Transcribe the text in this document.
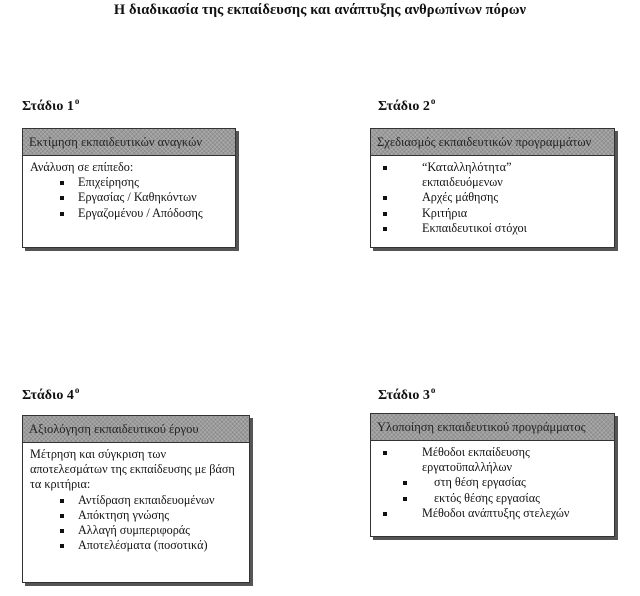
Η διαδικασία της εκπαίδευσης και ανάπτυξης ανθρωπίνων πόρων
Στάδιο $1^o$
Εκτίμηση εκπαιδευτικών αναγκών
Ανάλυση σε επίπεδο:
Επιχείρησης
Εργασίας / Καθηκόντων
Εργαζομένου / Απόδοσης
Στάδιο $2^o$
Σχεδιασμός εκπαιδευτικών προγραμμάτων
“Καταλληλότητα”
εκπαιδευόμενων
Αρχές μάθησης
Κριτήρια
Εκπαιδευτικοί στόχοι
Στάδιο $4^o$
Αξιολόγηση εκπαιδευτικού έργου
Μέτρηση και σύγκριση των αποτελεσμάτων της εκπαίδευσης με βάση τα κριτήρια:
Αντίδραση εκπαιδευομένων
Απόκτηση γνώσης
Αλλαγή συμπεριφοράς
Αποτελέσματα (ποσοτικά)
Στάδιο $3^o$
Υλοποίηση εκπαιδευτικού προγράμματος
Μέθοδοι εκπαίδευσης
εργατοϋπαλλήλων
στη θέση εργασίας
εκτός θέσης εργασίας
Μέθοδοι ανάπτυξης στελεχών
